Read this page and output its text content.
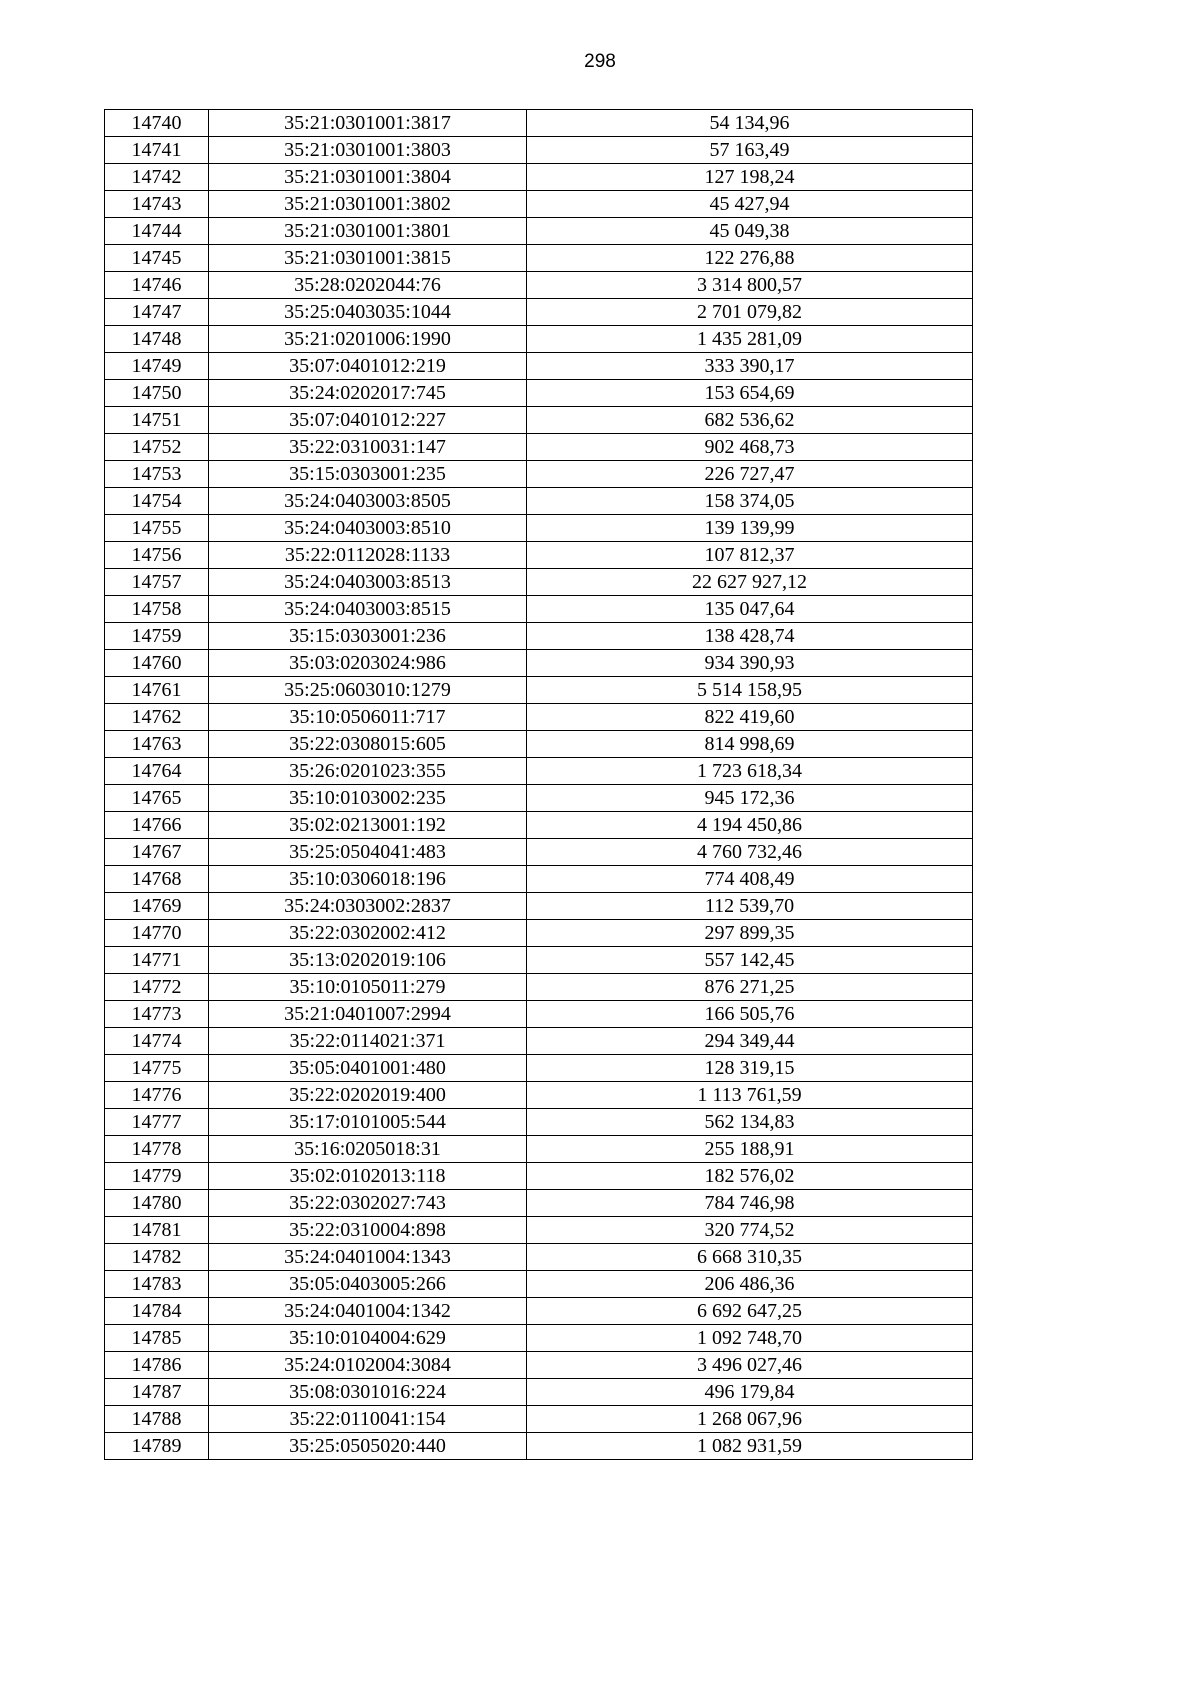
298
14740	35:21:0301001:3817	54 134,96
14741	35:21:0301001:3803	57 163,49
14742	35:21:0301001:3804	127 198,24
14743	35:21:0301001:3802	45 427,94
14744	35:21:0301001:3801	45 049,38
14745	35:21:0301001:3815	122 276,88
14746	35:28:0202044:76	3 314 800,57
14747	35:25:0403035:1044	2 701 079,82
14748	35:21:0201006:1990	1 435 281,09
14749	35:07:0401012:219	333 390,17
14750	35:24:0202017:745	153 654,69
14751	35:07:0401012:227	682 536,62
14752	35:22:0310031:147	902 468,73
14753	35:15:0303001:235	226 727,47
14754	35:24:0403003:8505	158 374,05
14755	35:24:0403003:8510	139 139,99
14756	35:22:0112028:1133	107 812,37
14757	35:24:0403003:8513	22 627 927,12
14758	35:24:0403003:8515	135 047,64
14759	35:15:0303001:236	138 428,74
14760	35:03:0203024:986	934 390,93
14761	35:25:0603010:1279	5 514 158,95
14762	35:10:0506011:717	822 419,60
14763	35:22:0308015:605	814 998,69
14764	35:26:0201023:355	1 723 618,34
14765	35:10:0103002:235	945 172,36
14766	35:02:0213001:192	4 194 450,86
14767	35:25:0504041:483	4 760 732,46
14768	35:10:0306018:196	774 408,49
14769	35:24:0303002:2837	112 539,70
14770	35:22:0302002:412	297 899,35
14771	35:13:0202019:106	557 142,45
14772	35:10:0105011:279	876 271,25
14773	35:21:0401007:2994	166 505,76
14774	35:22:0114021:371	294 349,44
14775	35:05:0401001:480	128 319,15
14776	35:22:0202019:400	1 113 761,59
14777	35:17:0101005:544	562 134,83
14778	35:16:0205018:31	255 188,91
14779	35:02:0102013:118	182 576,02
14780	35:22:0302027:743	784 746,98
14781	35:22:0310004:898	320 774,52
14782	35:24:0401004:1343	6 668 310,35
14783	35:05:0403005:266	206 486,36
14784	35:24:0401004:1342	6 692 647,25
14785	35:10:0104004:629	1 092 748,70
14786	35:24:0102004:3084	3 496 027,46
14787	35:08:0301016:224	496 179,84
14788	35:22:0110041:154	1 268 067,96
14789	35:25:0505020:440	1 082 931,59
